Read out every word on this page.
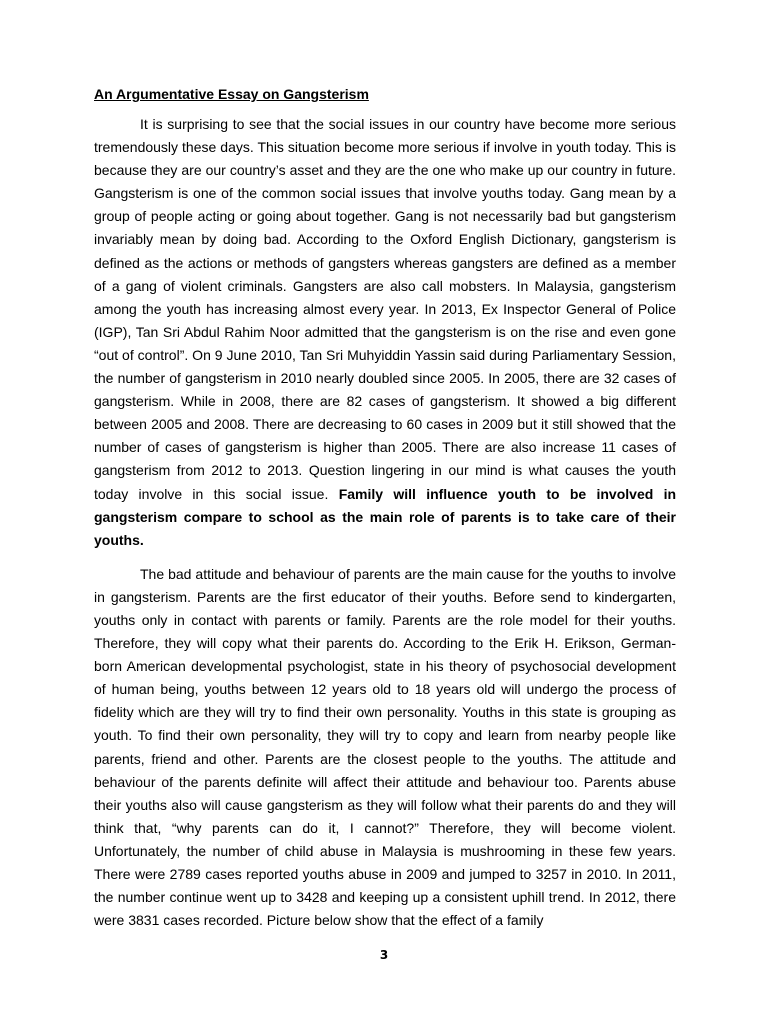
An Argumentative Essay on Gangsterism

It is surprising to see that the social issues in our country have become more serious tremendously these days. This situation become more serious if involve in youth today. This is because they are our country’s asset and they are the one who make up our country in future. Gangsterism is one of the common social issues that involve youths today. Gang mean by a group of people acting or going about together. Gang is not necessarily bad but gangsterism invariably mean by doing bad. According to the Oxford English Dictionary, gangsterism is defined as the actions or methods of gangsters whereas gangsters are defined as a member of a gang of violent criminals. Gangsters are also call mobsters. In Malaysia, gangsterism among the youth has increasing almost every year. In 2013, Ex Inspector General of Police (IGP), Tan Sri Abdul Rahim Noor admitted that the gangsterism is on the rise and even gone “out of control”. On 9 June 2010, Tan Sri Muhyiddin Yassin said during Parliamentary Session, the number of gangsterism in 2010 nearly doubled since 2005. In 2005, there are 32 cases of gangsterism. While in 2008, there are 82 cases of gangsterism. It showed a big different between 2005 and 2008. There are decreasing to 60 cases in 2009 but it still showed that the number of cases of gangsterism is higher than 2005. There are also increase 11 cases of gangsterism from 2012 to 2013. Question lingering in our mind is what causes the youth today involve in this social issue. Family will influence youth to be involved in gangsterism compare to school as the main role of parents is to take care of their youths.

The bad attitude and behaviour of parents are the main cause for the youths to involve in gangsterism. Parents are the first educator of their youths. Before send to kindergarten, youths only in contact with parents or family. Parents are the role model for their youths. Therefore, they will copy what their parents do. According to the Erik H. Erikson, German-born American developmental psychologist, state in his theory of psychosocial development of human being, youths between 12 years old to 18 years old will undergo the process of fidelity which are they will try to find their own personality. Youths in this state is grouping as youth. To find their own personality, they will try to copy and learn from nearby people like parents, friend and other. Parents are the closest people to the youths. The attitude and behaviour of the parents definite will affect their attitude and behaviour too. Parents abuse their youths also will cause gangsterism as they will follow what their parents do and they will think that, “why parents can do it, I cannot?” Therefore, they will become violent. Unfortunately, the number of child abuse in Malaysia is mushrooming in these few years. There were 2789 cases reported youths abuse in 2009 and jumped to 3257 in 2010. In 2011, the number continue went up to 3428 and keeping up a consistent uphill trend. In 2012, there were 3831 cases recorded. Picture below show that the effect of a family

3
